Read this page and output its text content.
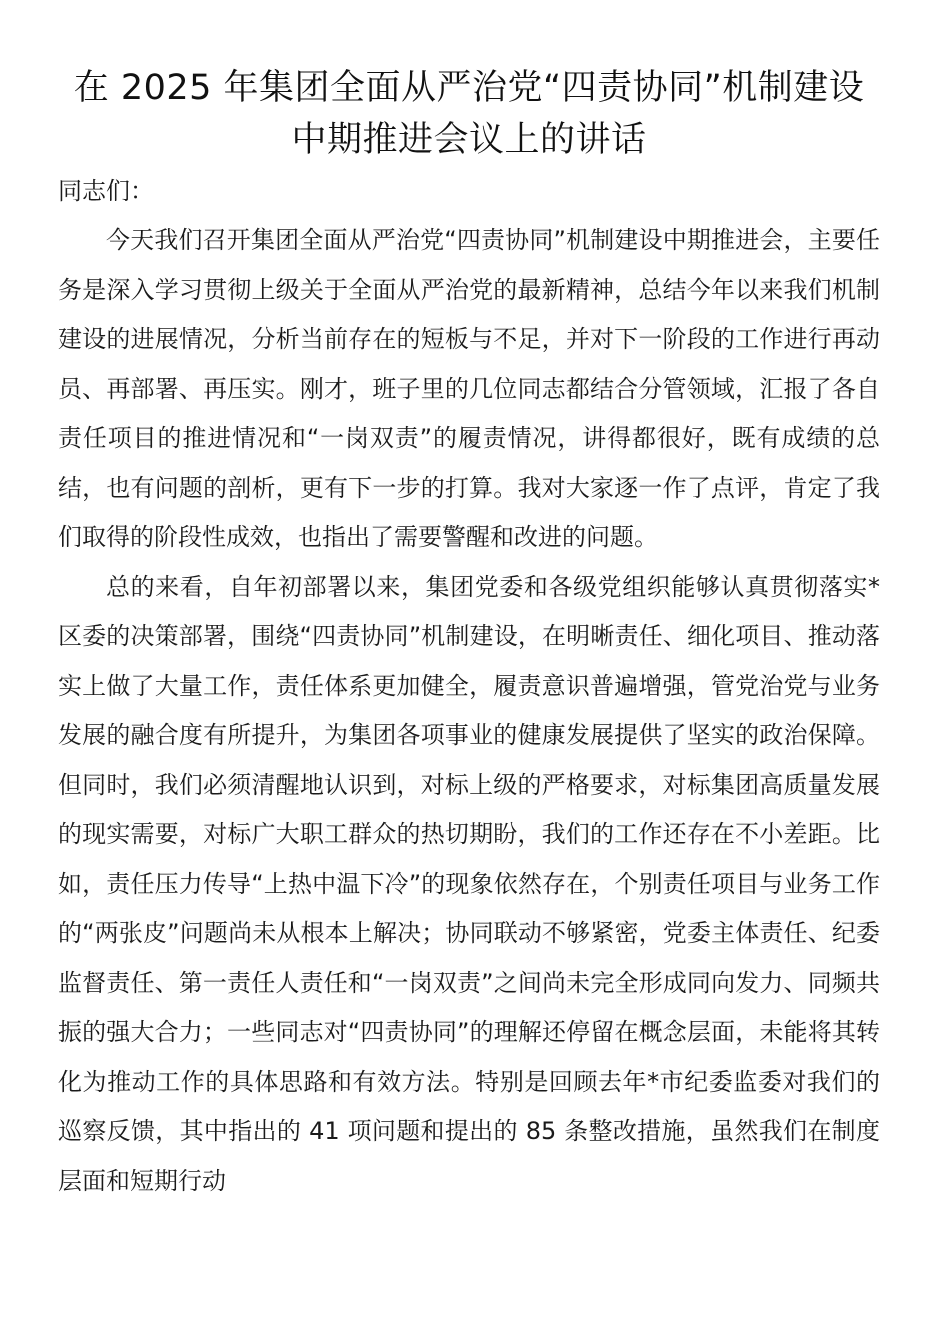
在 2025 年集团全面从严治党“四责协同”机制建设
中期推进会议上的讲话

同志们：

今天我们召开集团全面从严治党“四责协同”机制建设中期推进会，主要任务是深入学习贯彻上级关于全面从严治党的最新精神，总结今年以来我们机制建设的进展情况，分析当前存在的短板与不足，并对下一阶段的工作进行再动员、再部署、再压实。刚才，班子里的几位同志都结合分管领域，汇报了各自责任项目的推进情况和“一岗双责”的履责情况，讲得都很好，既有成绩的总结，也有问题的剖析，更有下一步的打算。我对大家逐一作了点评，肯定了我们取得的阶段性成效，也指出了需要警醒和改进的问题。

总的来看，自年初部署以来，集团党委和各级党组织能够认真贯彻落实*区委的决策部署，围绕“四责协同”机制建设，在明晰责任、细化项目、推动落实上做了大量工作，责任体系更加健全，履责意识普遍增强，管党治党与业务发展的融合度有所提升，为集团各项事业的健康发展提供了坚实的政治保障。但同时，我们必须清醒地认识到，对标上级的严格要求，对标集团高质量发展的现实需要，对标广大职工群众的热切期盼，我们的工作还存在不小差距。比如，责任压力传导“上热中温下冷”的现象依然存在，个别责任项目与业务工作的“两张皮”问题尚未从根本上解决；协同联动不够紧密，党委主体责任、纪委监督责任、第一责任人责任和“一岗双责”之间尚未完全形成同向发力、同频共振的强大合力；一些同志对“四责协同”的理解还停留在概念层面，未能将其转化为推动工作的具体思路和有效方法。特别是回顾去年*市纪委监委对我们的巡察反馈，其中指出的 41 项问题和提出的 85 条整改措施，虽然我们在制度层面和短期行动
